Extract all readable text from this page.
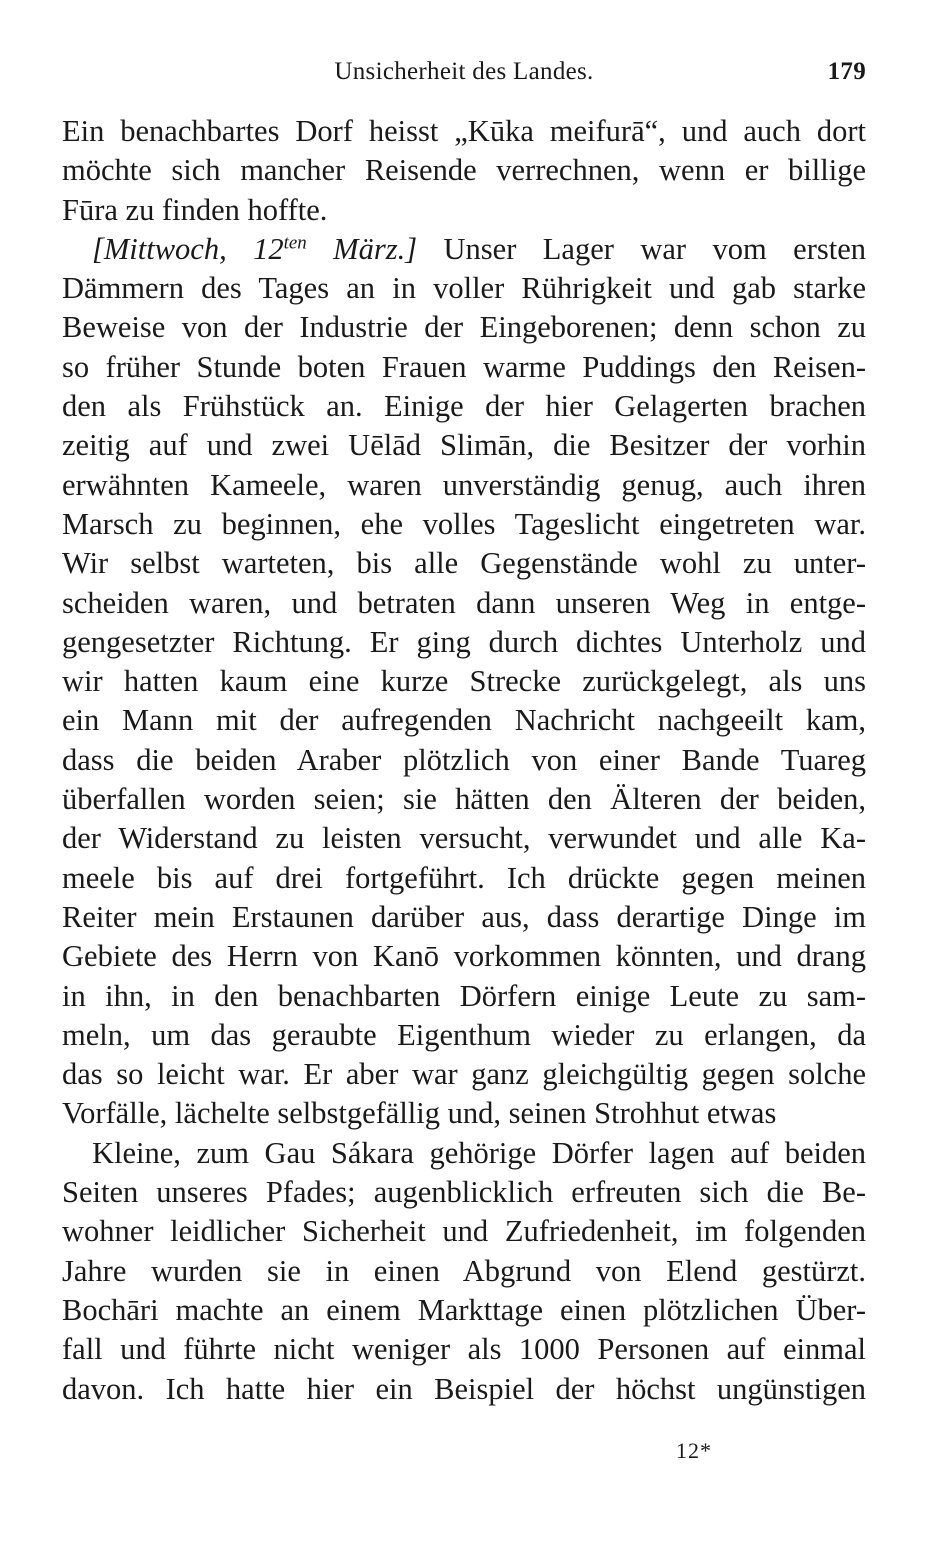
Unsicherheit des Landes.	179
Ein benachbartes Dorf heisst „Kūka meifurā“, und auch dort
möchte sich mancher Reisende verrechnen, wenn er billige
Fūra zu finden hoffte.
[Mittwoch, $12^{ten}$ März.] Unser Lager war vom ersten
Dämmern des Tages an in voller Rührigkeit und gab starke
Beweise von der Industrie der Eingeborenen; denn schon zu
so früher Stunde boten Frauen warme Puddings den Reisen-
den als Frühstück an. Einige der hier Gelagerten brachen
zeitig auf und zwei Uēlād Slimān, die Besitzer der vorhin
erwähnten Kameele, waren unverständig genug, auch ihren
Marsch zu beginnen, ehe volles Tageslicht eingetreten war.
Wir selbst warteten, bis alle Gegenstände wohl zu unter-
scheiden waren, und betraten dann unseren Weg in entge-
gengesetzter Richtung. Er ging durch dichtes Unterholz und
wir hatten kaum eine kurze Strecke zurückgelegt, als uns
ein Mann mit der aufregenden Nachricht nachgeeilt kam,
dass die beiden Araber plötzlich von einer Bande Tuareg
überfallen worden seien; sie hätten den Älteren der beiden,
der Widerstand zu leisten versucht, verwundet und alle Ka-
meele bis auf drei fortgeführt. Ich drückte gegen meinen
Reiter mein Erstaunen darüber aus, dass derartige Dinge im
Gebiete des Herrn von Kanō vorkommen könnten, und drang
in ihn, in den benachbarten Dörfern einige Leute zu sam-
meln, um das geraubte Eigenthum wieder zu erlangen, da
das so leicht war. Er aber war ganz gleichgültig gegen solche
Vorfälle, lächelte selbstgefällig und, seinen Strohhut etwas
Kleine, zum Gau Sákara gehörige Dörfer lagen auf beiden
Seiten unseres Pfades; augenblicklich erfreuten sich die Be-
wohner leidlicher Sicherheit und Zufriedenheit, im folgenden
Jahre wurden sie in einen Abgrund von Elend gestürzt.
Bochāri machte an einem Markttage einen plötzlichen Über-
fall und führte nicht weniger als 1000 Personen auf einmal
davon. Ich hatte hier ein Beispiel der höchst ungünstigen
12*
